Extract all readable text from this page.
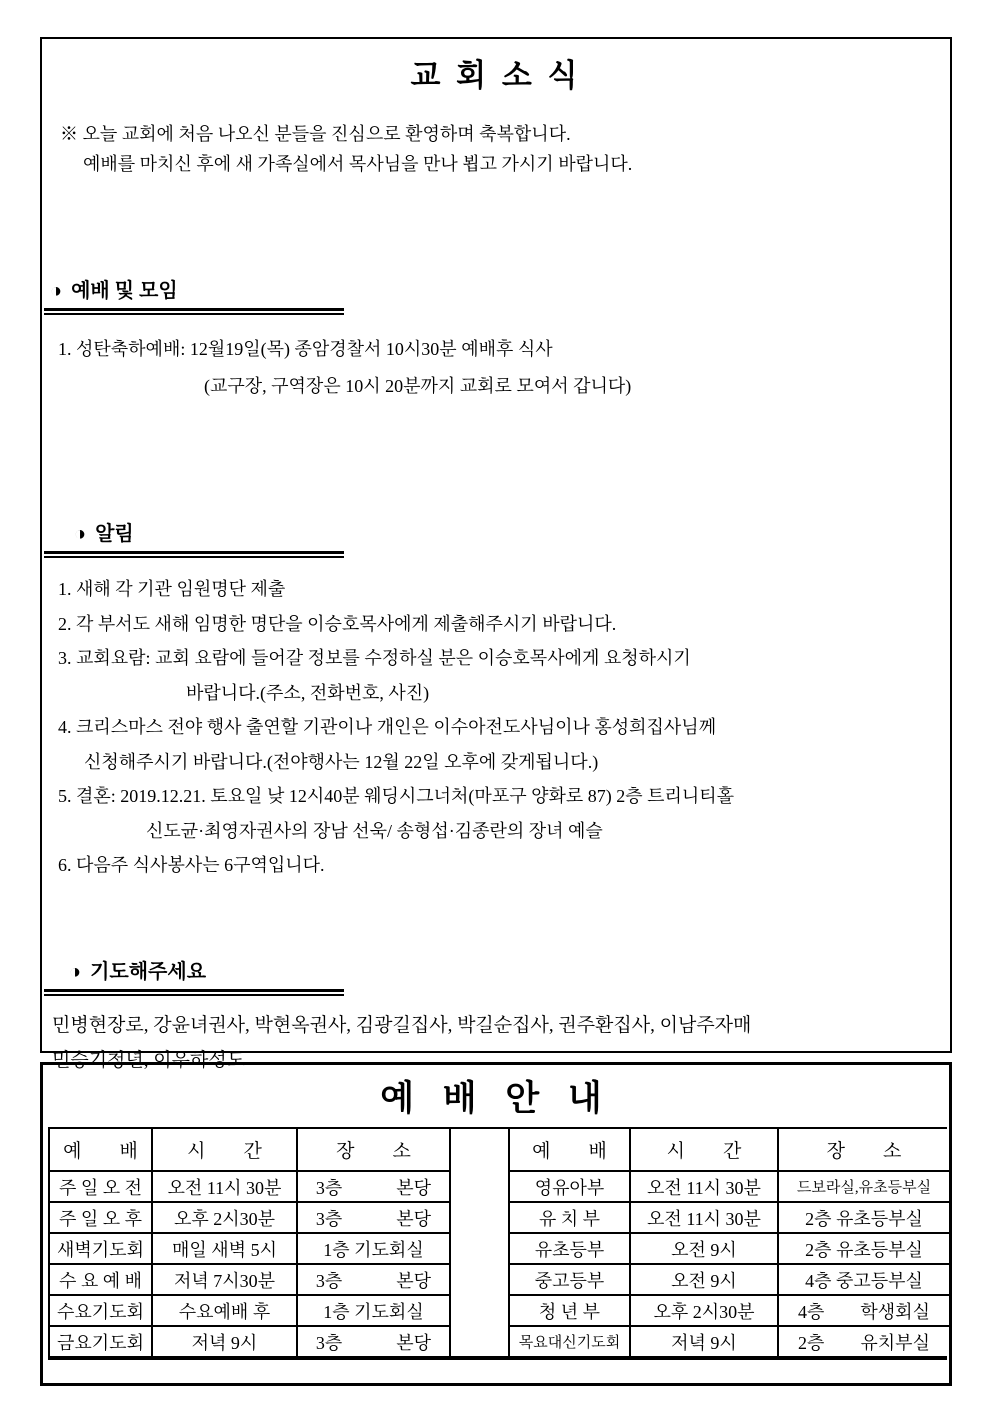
교 회 소 식
※ 오늘 교회에 처음 나오신 분들을 진심으로 환영하며 축복합니다.
예배를 마치신 후에 새 가족실에서 목사님을 만나 뵙고 가시기 바랍니다.
◑ 예배 및 모임
1. 성탄축하예배: 12월19일(목) 종암경찰서 10시30분 예배후 식사
(교구장, 구역장은 10시 20분까지 교회로 모여서 갑니다)
◑ 알림
1. 새해 각 기관 임원명단 제출
2. 각 부서도 새해 임명한 명단을 이승호목사에게 제출해주시기 바랍니다.
3. 교회요람: 교회 요람에 들어갈 정보를 수정하실 분은 이승호목사에게 요청하시기
바랍니다.(주소, 전화번호, 사진)
4. 크리스마스 전야 행사 출연할 기관이나 개인은 이수아전도사님이나 홍성희집사님께
신청해주시기 바랍니다.(전야행사는 12월 22일 오후에 갖게됩니다.)
5. 결혼: 2019.12.21. 토요일 낮 12시40분 웨딩시그너처(마포구 양화로 87) 2층 트리니티홀
신도균·최영자권사의 장남 선욱/ 송형섭·김종란의 장녀 예슬
6. 다음주 식사봉사는 6구역입니다.
◑ 기도해주세요
민병현장로, 강윤녀권사, 박현옥권사, 김광길집사, 박길순집사, 권주환집사, 이남주자매
민승기청년, 이우하성도
예 배 안 내
예　　배	시　　간	장　　소
주 일 오 전	오전 11시 30분	3층　　　본당
주 일 오 후	오후 2시30분	3층　　　본당
새벽기도회	매일 새벽 5시	1층 기도회실
수 요 예 배	저녁 7시30분	3층　　　본당
수요기도회	수요예배 후	1층 기도회실
금요기도회	저녁 9시	3층　　　본당
예　　배	시　　간	장　　소
영유아부	오전 11시 30분	드보라실,유초등부실
유 치 부	오전 11시 30분	2층 유초등부실
유초등부	오전 9시	2층 유초등부실
중고등부	오전 9시	4층 중고등부실
청 년 부	오후 2시30분	4층　　학생회실
목요대신기도회	저녁 9시	2층　　유치부실
